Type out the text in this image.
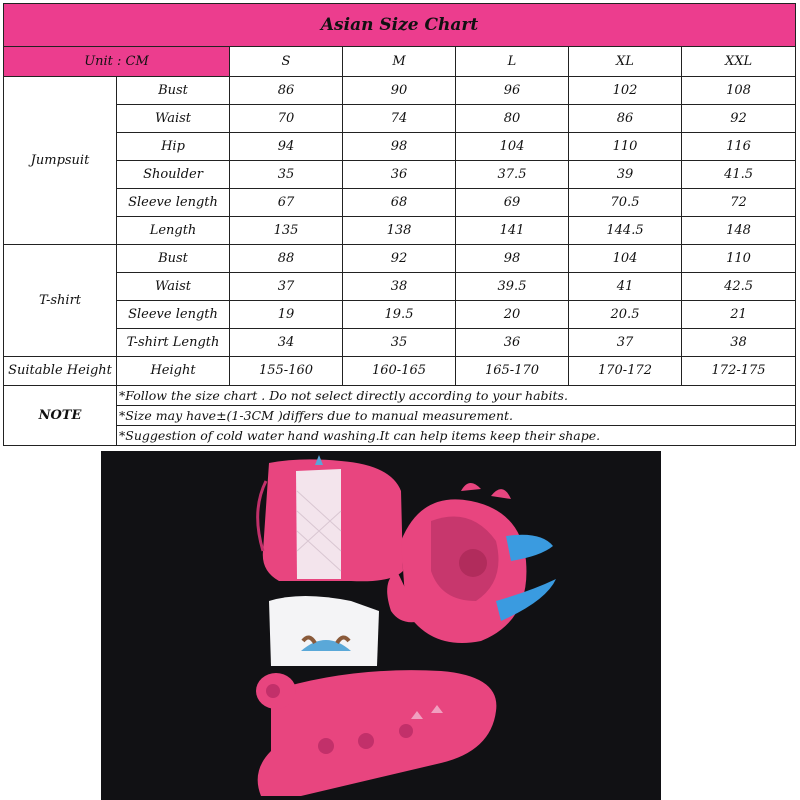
Asian Size Chart						
Unit : CM		S	M	L	XL	XXL
Jumpsuit	Bust	86	90	96	102	108
	Waist	70	74	80	86	92
	Hip	94	98	104	110	116
	Shoulder	35	36	37.5	39	41.5
	Sleeve length	67	68	69	70.5	72
	Length	135	138	141	144.5	148
T-shirt	Bust	88	92	98	104	110
	Waist	37	38	39.5	41	42.5
	Sleeve length	19	19.5	20	20.5	21
	T-shirt Length	34	35	36	37	38
Suitable Height	Height	155-160	160-165	165-170	170-172	172-175
NOTE	*Follow the size chart . Do not select directly according to your habits.					
	*Size may have±(1-3CM )differs due to manual measurement.					
	*Suggestion of cold water hand washing.It can help items keep their shape.					
